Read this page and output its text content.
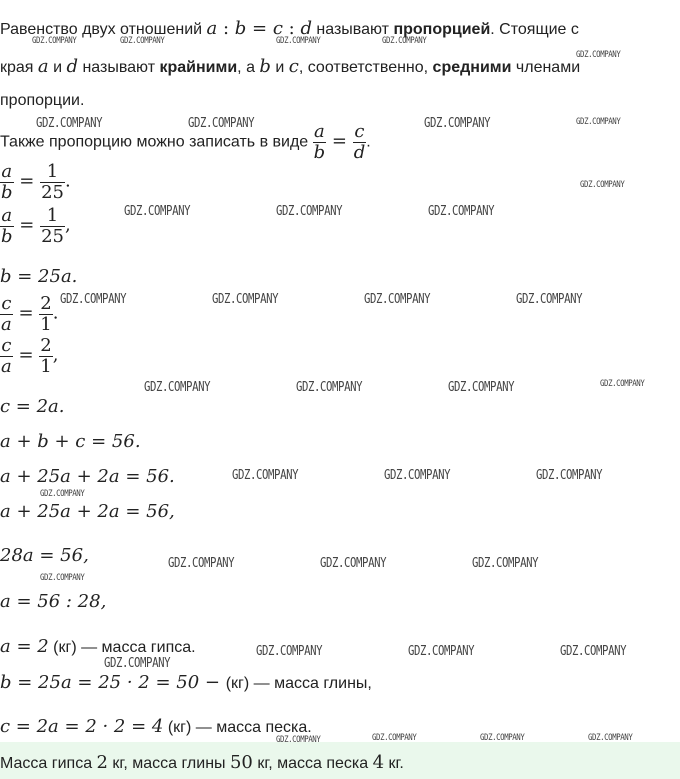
Равенство двух отношений a : b = c : d называют пропорцией. Стоящие с
края a и d называют крайними, а b и c, соответственно, средними членами
пропорции.
Также пропорцию можно записать в виде $\frac{a}{b} = \frac{c}{d}$ .
$\frac{a}{b} = \frac{1}{25}$ .
$\frac{a}{b} = \frac{1}{25}$ ,
b = 25a.
$\frac{c}{a} = \frac{2}{1}$ .
$\frac{c}{a} = \frac{2}{1}$ ,
c = 2a.
a + b + c = 56.
a + 25a + 2a = 56.
a + 25a + 2a = 56,
28a = 56,
a = 56 : 28,
a = 2 (кг) — масса гипса.
b = 25a = 25 · 2 = 50 − (кг) — масса глины,
c = 2a = 2 · 2 = 4 (кг) — масса песка.
Масса гипса 2 кг, масса глины 50 кг, масса песка 4 кг.
GDZ.COMPANY	GDZ.COMPANY	GDZ.COMPANY	GDZ.COMPANY
GDZ.COMPANY
GDZ.COMPANY	GDZ.COMPANY	GDZ.COMPANY	GDZ.COMPANY
GDZ.COMPANY
GDZ.COMPANY	GDZ.COMPANY	GDZ.COMPANY
GDZ.COMPANY	GDZ.COMPANY	GDZ.COMPANY	GDZ.COMPANY
GDZ.COMPANY	GDZ.COMPANY	GDZ.COMPANY	GDZ.COMPANY
GDZ.COMPANY	GDZ.COMPANY	GDZ.COMPANY
GDZ.COMPANY
GDZ.COMPANY	GDZ.COMPANY	GDZ.COMPANY
GDZ.COMPANY
GDZ.COMPANY	GDZ.COMPANY	GDZ.COMPANY
GDZ.COMPANY
GDZ.COMPANY	GDZ.COMPANY	GDZ.COMPANY	GDZ.COMPANY
